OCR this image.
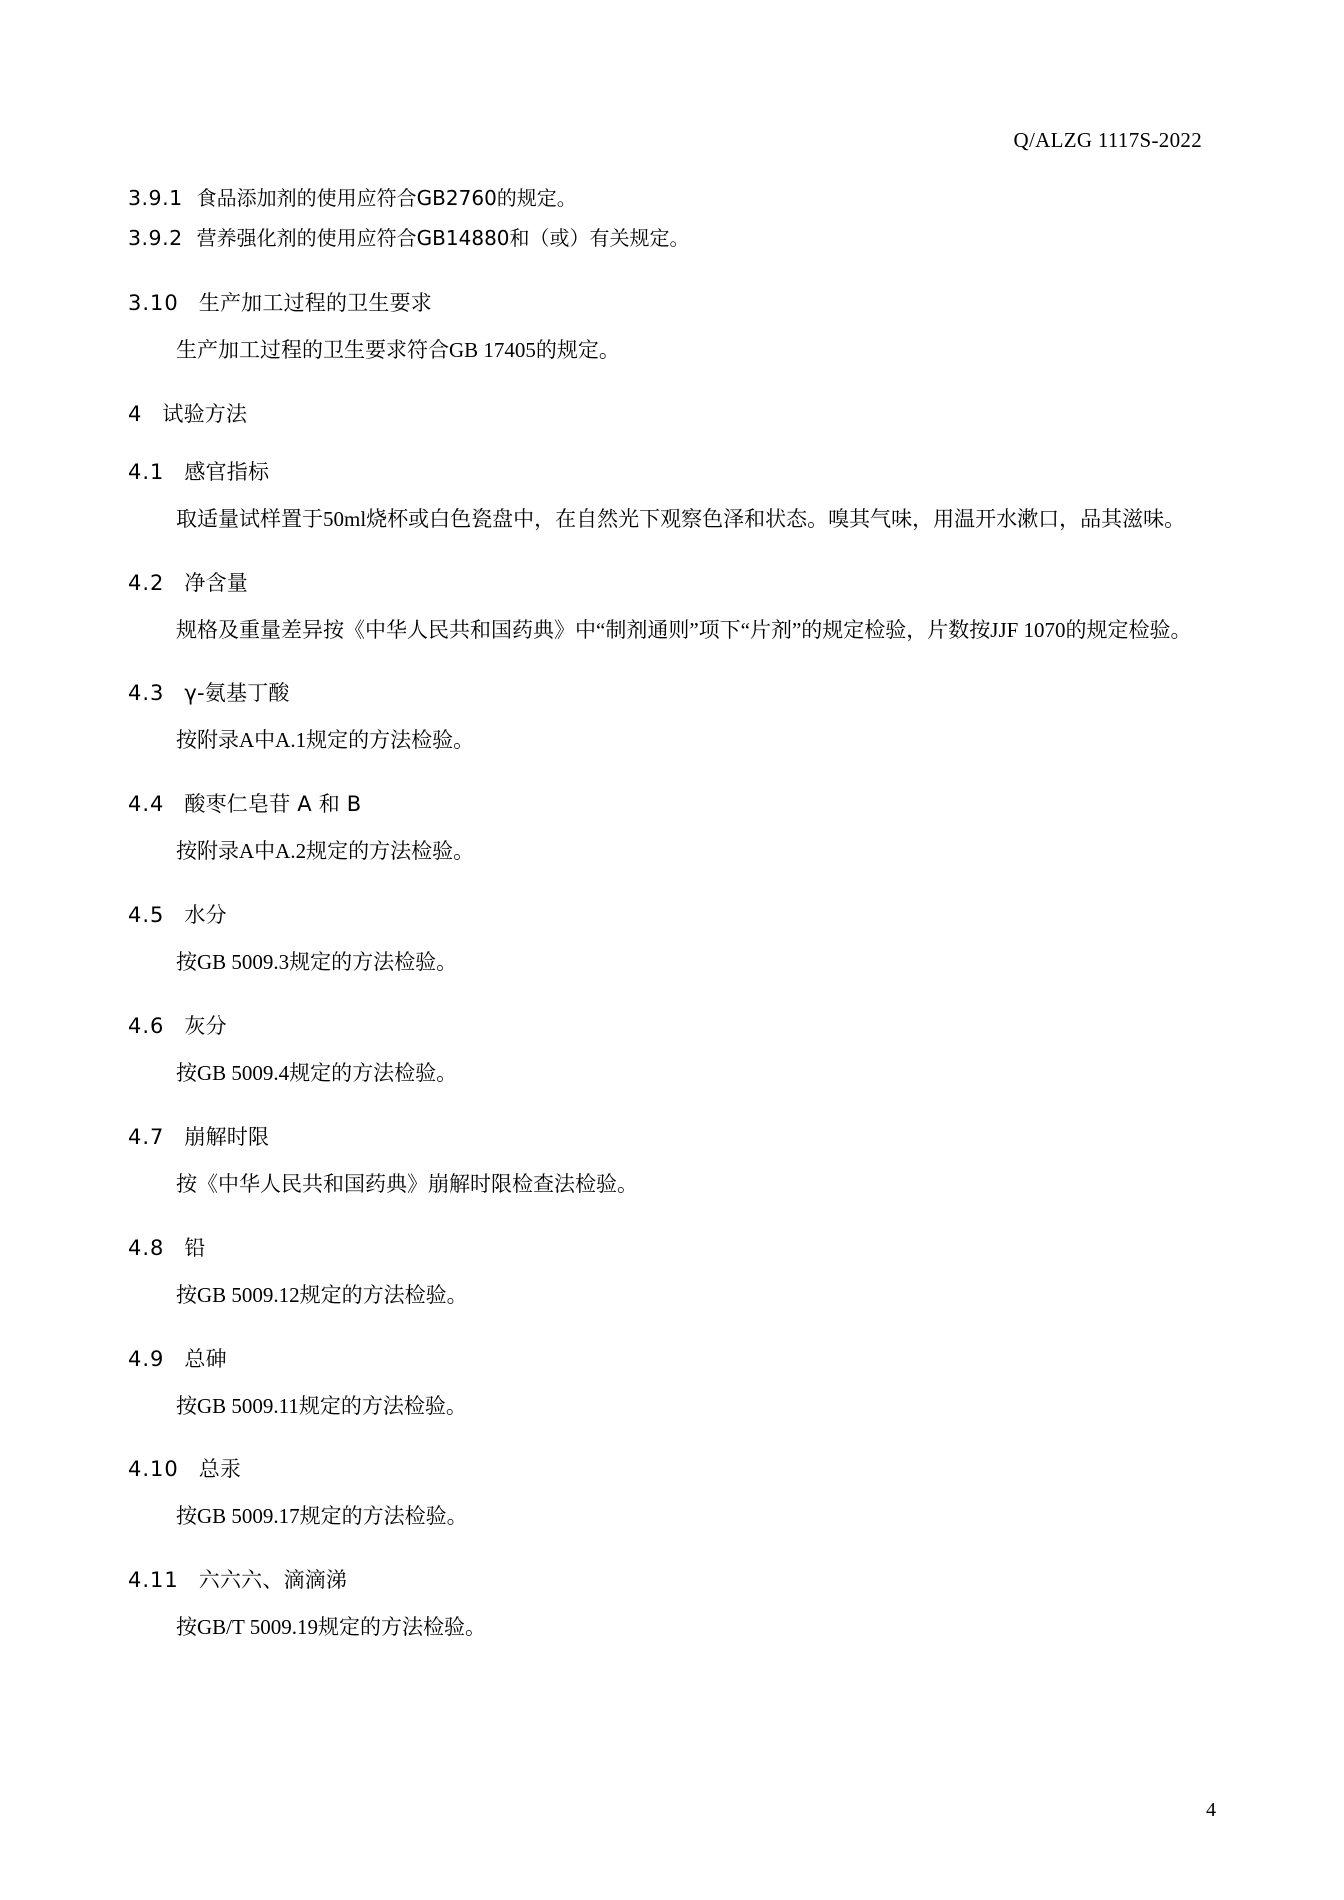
Q/ALZG 1117S-2022

3.9.1 食品添加剂的使用应符合GB2760的规定。

3.9.2 营养强化剂的使用应符合GB14880和（或）有关规定。

3.10 生产加工过程的卫生要求

生产加工过程的卫生要求符合GB 17405的规定。

4 试验方法
4.1 感官指标

取适量试样置于50ml烧杯或白色瓷盘中，在自然光下观察色泽和状态。嗅其气味，用温开水漱口，品其滋味。

4.2 净含量

规格及重量差异按《中华人民共和国药典》中“制剂通则”项下“片剂”的规定检验，片数按JJF 1070的规定检验。

4.3 γ-氨基丁酸

按附录A中A.1规定的方法检验。

4.4 酸枣仁皂苷 A 和 B

按附录A中A.2规定的方法检验。

4.5 水分

按GB 5009.3规定的方法检验。

4.6 灰分

按GB 5009.4规定的方法检验。

4.7 崩解时限

按《中华人民共和国药典》崩解时限检查法检验。

4.8 铅

按GB 5009.12规定的方法检验。

4.9 总砷

按GB 5009.11规定的方法检验。

4.10 总汞

按GB 5009.17规定的方法检验。

4.11 六六六、滴滴涕

按GB/T 5009.19规定的方法检验。

4
